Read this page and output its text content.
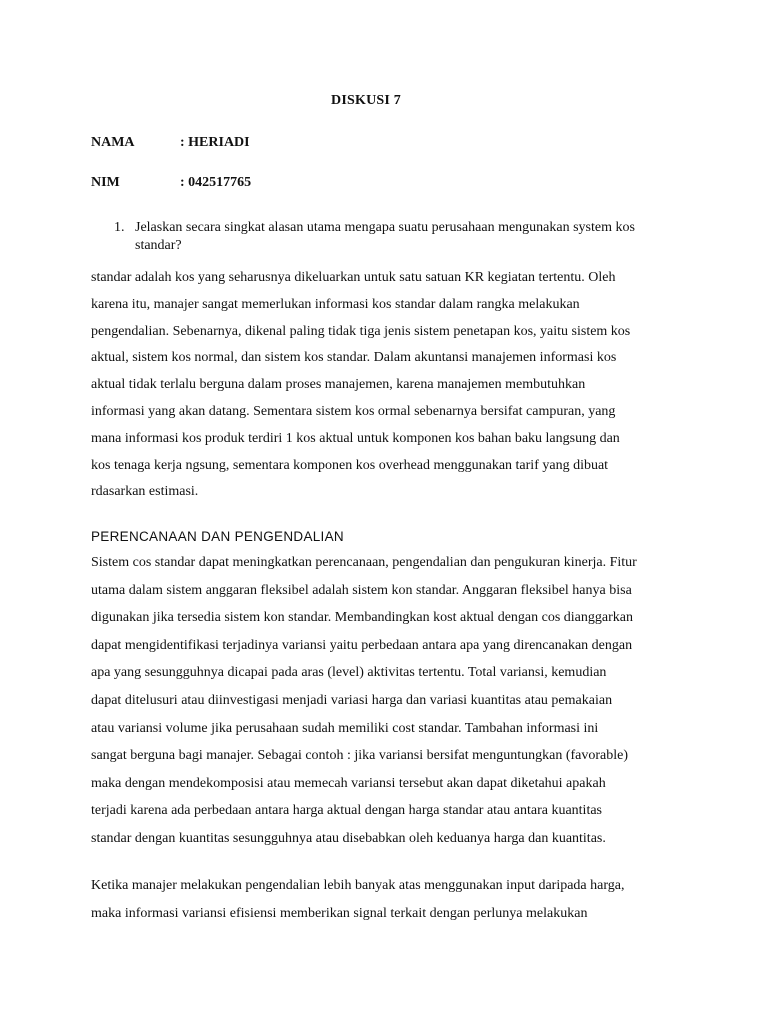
DISKUSI 7
NAMA	: HERIADI
NIM	: 042517765
1. Jelaskan secara singkat alasan utama mengapa suatu perusahaan mengunakan system kos standar?
standar adalah kos yang seharusnya dikeluarkan untuk satu satuan KR kegiatan tertentu. Oleh
karena itu, manajer sangat memerlukan informasi kos standar dalam rangka melakukan
pengendalian. Sebenarnya, dikenal paling tidak tiga jenis sistem penetapan kos, yaitu sistem kos
aktual, sistem kos normal, dan sistem kos standar. Dalam akuntansi manajemen informasi kos
aktual tidak terlalu berguna dalam proses manajemen, karena manajemen membutuhkan
informasi yang akan datang. Sementara sistem kos ormal sebenarnya bersifat campuran, yang
mana informasi kos produk terdiri 1 kos aktual untuk komponen kos bahan baku langsung dan
kos tenaga kerja ngsung, sementara komponen kos overhead menggunakan tarif yang dibuat
rdasarkan estimasi.
PERENCANAAN DAN PENGENDALIAN
Sistem cos standar dapat meningkatkan perencanaan, pengendalian dan pengukuran kinerja. Fitur
utama dalam sistem anggaran fleksibel adalah sistem kon standar. Anggaran fleksibel hanya bisa
digunakan jika tersedia sistem kon standar. Membandingkan kost aktual dengan cos dianggarkan
dapat mengidentifikasi terjadinya variansi yaitu perbedaan antara apa yang direncanakan dengan
apa yang sesungguhnya dicapai pada aras (level) aktivitas tertentu. Total variansi, kemudian
dapat ditelusuri atau diinvestigasi menjadi variasi harga dan variasi kuantitas atau pemakaian
atau variansi volume jika perusahaan sudah memiliki cost standar. Tambahan informasi ini
sangat berguna bagi manajer. Sebagai contoh : jika variansi bersifat menguntungkan (favorable)
maka dengan mendekomposisi atau memecah variansi tersebut akan dapat diketahui apakah
terjadi karena ada perbedaan antara harga aktual dengan harga standar atau antara kuantitas
standar dengan kuantitas sesungguhnya atau disebabkan oleh keduanya harga dan kuantitas.
Ketika manajer melakukan pengendalian lebih banyak atas menggunakan input daripada harga,
maka informasi variansi efisiensi memberikan signal terkait dengan perlunya melakukan
